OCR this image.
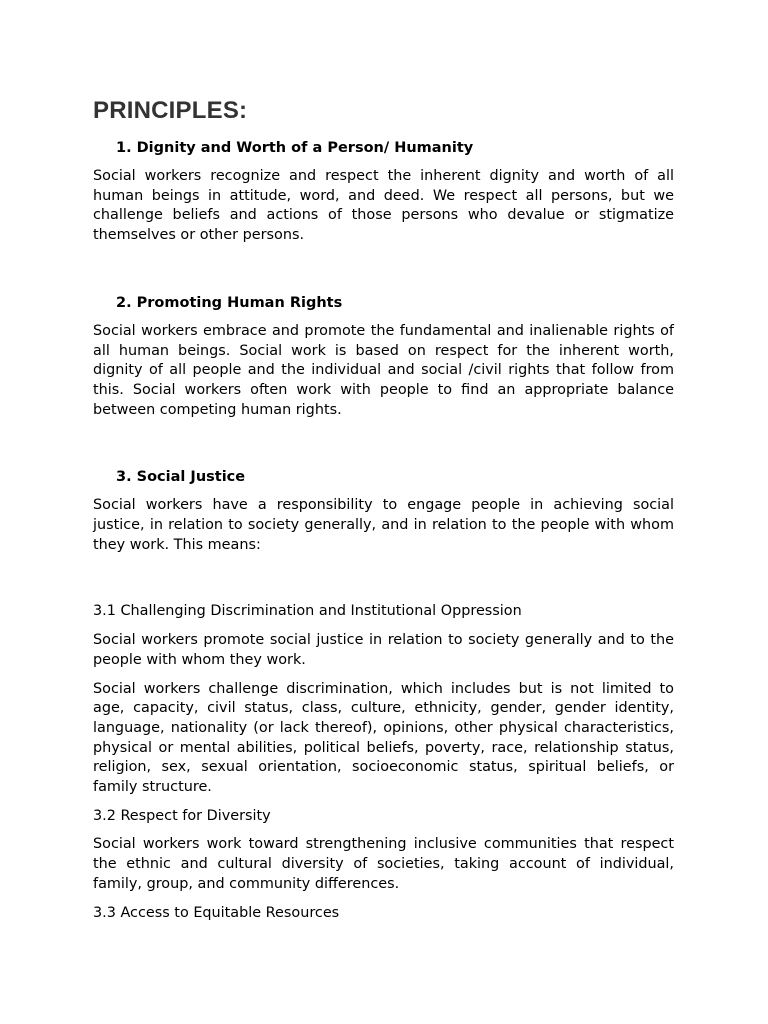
PRINCIPLES:
1. Dignity and Worth of a Person/ Humanity

Social workers recognize and respect the inherent dignity and worth of all human beings in attitude, word, and deed. We respect all persons, but we challenge beliefs and actions of those persons who devalue or stigmatize themselves or other persons.

2. Promoting Human Rights

Social workers embrace and promote the fundamental and inalienable rights of all human beings. Social work is based on respect for the inherent worth, dignity of all people and the individual and social /civil rights that follow from this. Social workers often work with people to find an appropriate balance between competing human rights.

3. Social Justice

Social workers have a responsibility to engage people in achieving social justice, in relation to society generally, and in relation to the people with whom they work. This means:

3.1 Challenging Discrimination and Institutional Oppression

Social workers promote social justice in relation to society generally and to the people with whom they work.

Social workers challenge discrimination, which includes but is not limited to age, capacity, civil status, class, culture, ethnicity, gender, gender identity, language, nationality (or lack thereof), opinions, other physical characteristics, physical or mental abilities, political beliefs, poverty, race, relationship status, religion, sex, sexual orientation, socioeconomic status, spiritual beliefs, or family structure.

3.2 Respect for Diversity

Social workers work toward strengthening inclusive communities that respect the ethnic and cultural diversity of societies, taking account of individual, family, group, and community differences.

3.3 Access to Equitable Resources
